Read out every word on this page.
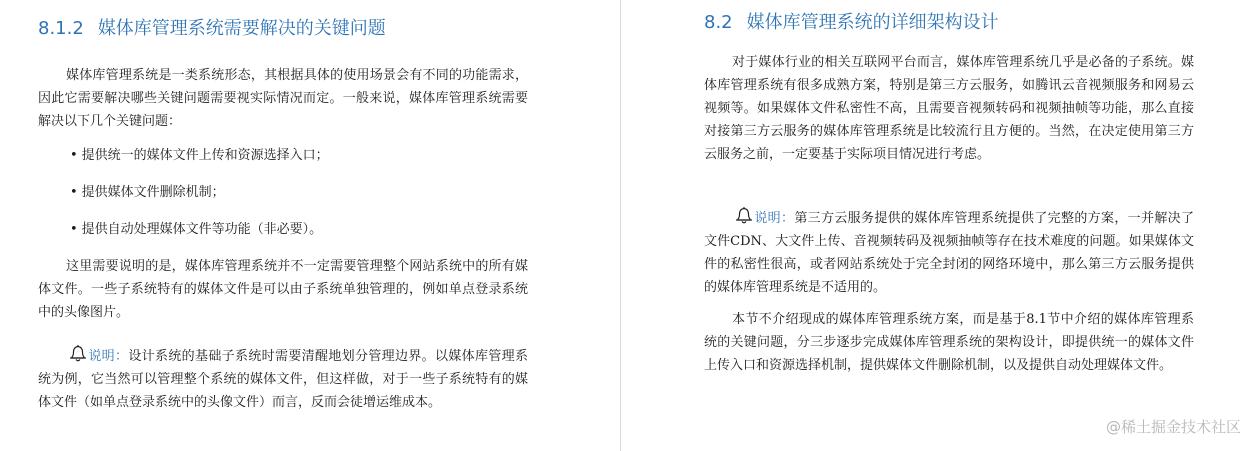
8.1.2 媒体库管理系统需要解决的关键问题

媒体库管理系统是一类系统形态，其根据具体的使用场景会有不同的功能需求，因此它需要解决哪些关键问题需要视实际情况而定。一般来说，媒体库管理系统需要解决以下几个关键问题：

• 提供统一的媒体文件上传和资源选择入口；

• 提供媒体文件删除机制；

• 提供自动处理媒体文件等功能（非必要）。

这里需要说明的是，媒体库管理系统并不一定需要管理整个网站系统中的所有媒体文件。一些子系统特有的媒体文件是可以由子系统单独管理的，例如单点登录系统中的头像图片。

说明：设计系统的基础子系统时需要清醒地划分管理边界。以媒体库管理系统为例，它当然可以管理整个系统的媒体文件，但这样做，对于一些子系统特有的媒体文件（如单点登录系统中的头像文件）而言，反而会徒增运维成本。

8.2 媒体库管理系统的详细架构设计

对于媒体行业的相关互联网平台而言，媒体库管理系统几乎是必备的子系统。媒体库管理系统有很多成熟方案，特别是第三方云服务，如腾讯云音视频服务和网易云视频等。如果媒体文件私密性不高，且需要音视频转码和视频抽帧等功能，那么直接对接第三方云服务的媒体库管理系统是比较流行且方便的。当然，在决定使用第三方云服务之前，一定要基于实际项目情况进行考虑。

说明：第三方云服务提供的媒体库管理系统提供了完整的方案，一并解决了文件CDN、大文件上传、音视频转码及视频抽帧等存在技术难度的问题。如果媒体文件的私密性很高，或者网站系统处于完全封闭的网络环境中，那么第三方云服务提供的媒体库管理系统是不适用的。

本节不介绍现成的媒体库管理系统方案，而是基于8.1节中介绍的媒体库管理系统的关键问题，分三步逐步完成媒体库管理系统的架构设计，即提供统一的媒体文件上传入口和资源选择机制，提供媒体文件删除机制，以及提供自动处理媒体文件。

@稀土掘金技术社区
